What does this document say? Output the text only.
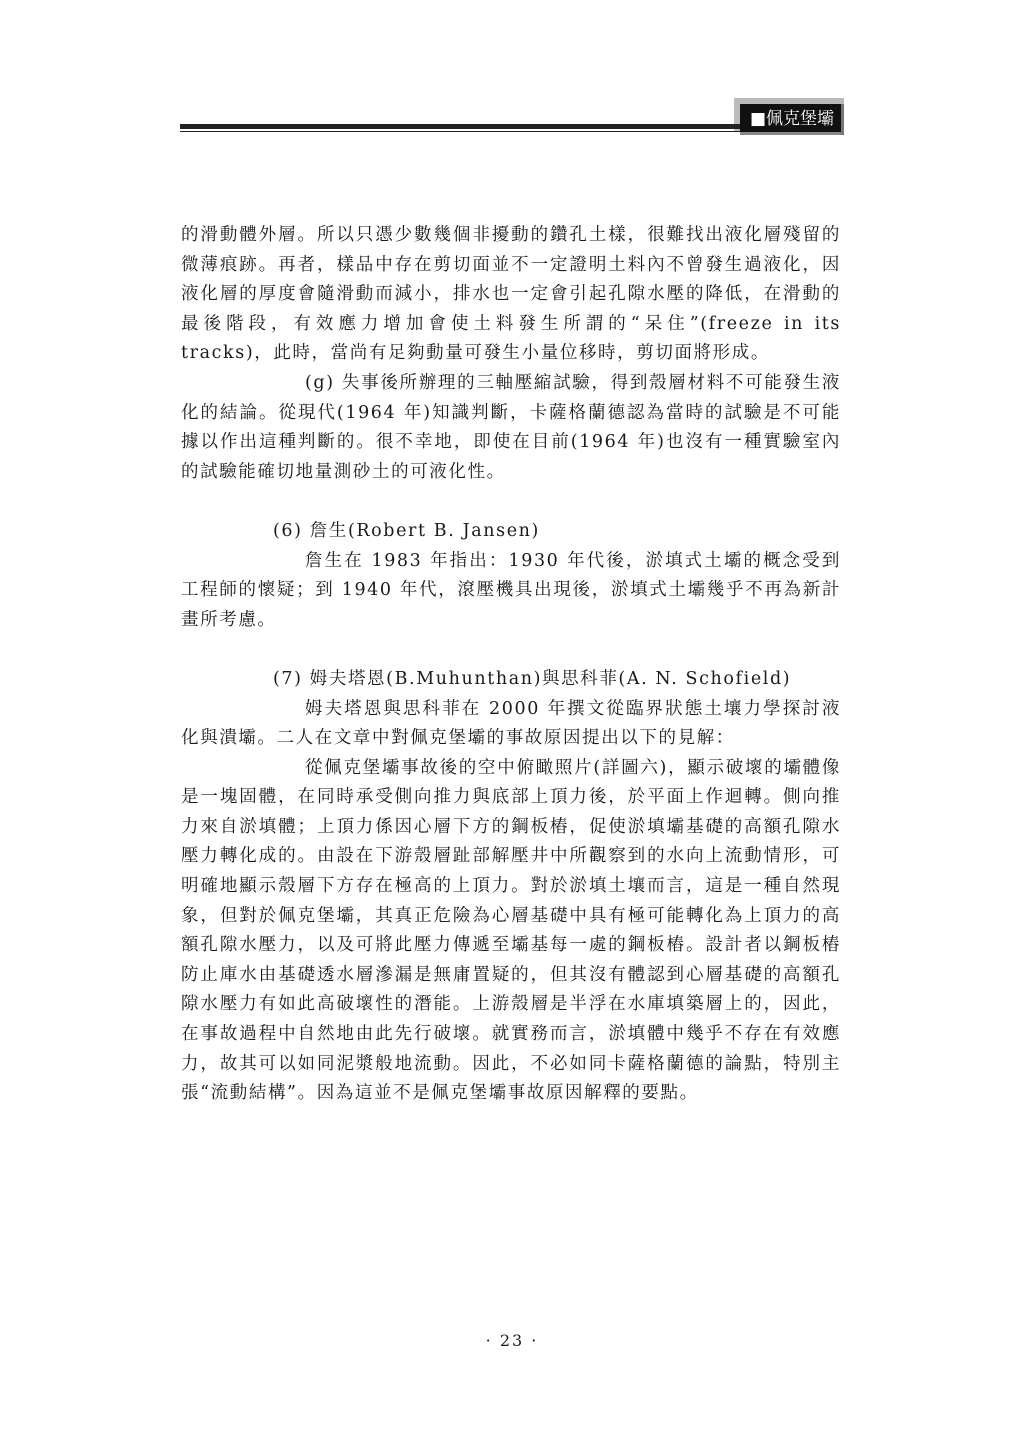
■佩克堡壩

的滑動體外層。所以只憑少數幾個非擾動的鑽孔土樣，很難找出液化層殘留的微薄痕跡。再者，樣品中存在剪切面並不一定證明土料內不曾發生過液化，因液化層的厚度會隨滑動而減小，排水也一定會引起孔隙水壓的降低，在滑動的最後階段，有效應力增加會使土料發生所謂的“呆住”(freeze in its tracks)，此時，當尚有足夠動量可發生小量位移時，剪切面將形成。

(g) 失事後所辦理的三軸壓縮試驗，得到殼層材料不可能發生液化的結論。從現代(1964 年)知識判斷，卡薩格蘭德認為當時的試驗是不可能據以作出這種判斷的。很不幸地，即使在目前(1964 年)也沒有一種實驗室內的試驗能確切地量測砂土的可液化性。

(6) 詹生(Robert B. Jansen)

詹生在 1983 年指出：1930 年代後，淤填式土壩的概念受到工程師的懷疑；到 1940 年代，滾壓機具出現後，淤填式土壩幾乎不再為新計畫所考慮。

(7) 姆夫塔恩(B.Muhunthan)與思科菲(A. N. Schofield)

姆夫塔恩與思科菲在 2000 年撰文從臨界狀態土壤力學探討液化與潰壩。二人在文章中對佩克堡壩的事故原因提出以下的見解：

從佩克堡壩事故後的空中俯瞰照片(詳圖六)，顯示破壞的壩體像是一塊固體，在同時承受側向推力與底部上頂力後，於平面上作迴轉。側向推力來自淤填體；上頂力係因心層下方的鋼板樁，促使淤填壩基礎的高額孔隙水壓力轉化成的。由設在下游殼層趾部解壓井中所觀察到的水向上流動情形，可明確地顯示殼層下方存在極高的上頂力。對於淤填土壤而言，這是一種自然現象，但對於佩克堡壩，其真正危險為心層基礎中具有極可能轉化為上頂力的高額孔隙水壓力，以及可將此壓力傳遞至壩基每一處的鋼板樁。設計者以鋼板樁防止庫水由基礎透水層滲漏是無庸置疑的，但其沒有體認到心層基礎的高額孔隙水壓力有如此高破壞性的潛能。上游殼層是半浮在水庫填築層上的，因此，在事故過程中自然地由此先行破壞。就實務而言，淤填體中幾乎不存在有效應力，故其可以如同泥漿般地流動。因此，不必如同卡薩格蘭德的論點，特別主張“流動結構”。因為這並不是佩克堡壩事故原因解釋的要點。

· 23 ·
